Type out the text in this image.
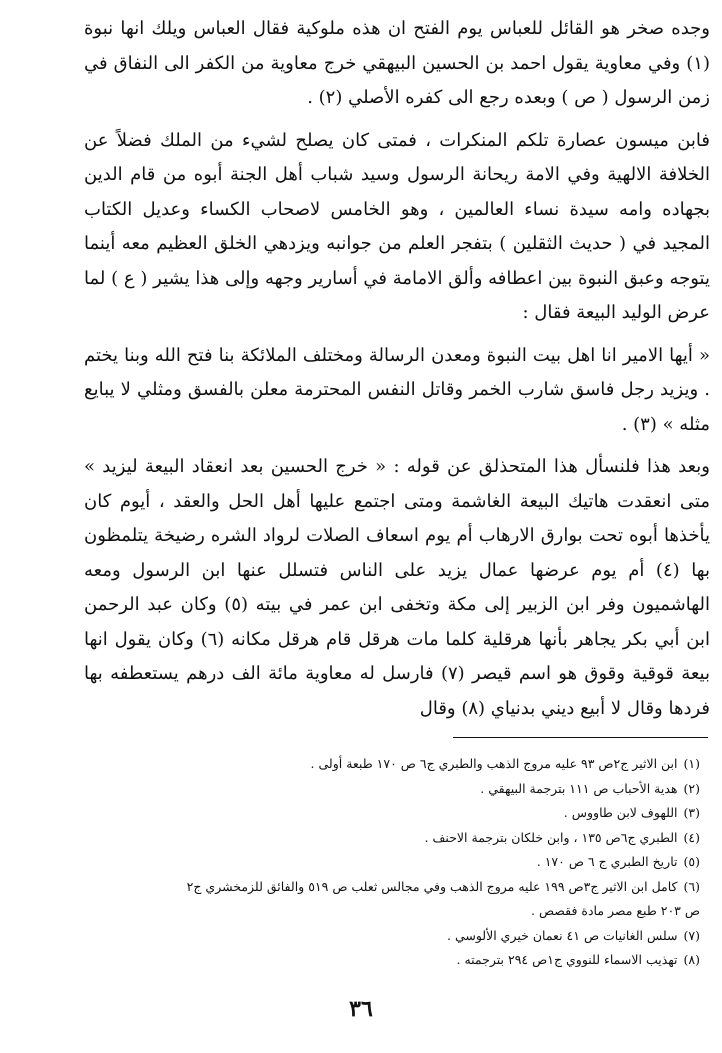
وجده صخر هو القائل للعباس يوم الفتح ان هذه ملوكية فقال العباس ويلك انها نبوة (١) وفي معاوية يقول احمد بن الحسين البيهقي خرج معاوية من الكفر الى النفاق في زمن الرسول ( ص ) وبعده رجع الى كفره الأصلي (٢) .

فابن ميسون عصارة تلكم المنكرات ، فمتى كان يصلح لشيء من الملك فضلاً عن الخلافة الالهية وفي الامة ريحانة الرسول وسيد شباب أهل الجنة أبوه من قام الدين بجهاده وامه سيدة نساء العالمين ، وهو الخامس لاصحاب الكساء وعديل الكتاب المجيد في ( حديث الثقلين ) بتفجر العلم من جوانبه ويزدهي الخلق العظيم معه أينما يتوجه وعبق النبوة بين اعطافه وألق الامامة في أسارير وجهه وإلى هذا يشير ( ع ) لما عرض الوليد البيعة فقال :

« أيها الامير انا اهل بيت النبوة ومعدن الرسالة ومختلف الملائكة بنا فتح الله وبنا يختم . ويزيد رجل فاسق شارب الخمر وقاتل النفس المحترمة معلن بالفسق ومثلي لا يبايع مثله » (٣) .

وبعد هذا فلنسأل هذا المتحذلق عن قوله : « خرج الحسين بعد انعقاد البيعة ليزيد » متى انعقدت هاتيك البيعة الغاشمة ومتى اجتمع عليها أهل الحل والعقد ، أيوم كان يأخذها أبوه تحت بوارق الارهاب أم يوم اسعاف الصلات لرواد الشره رضيخة يتلمظون بها (٤) أم يوم عرضها عمال يزيد على الناس فتسلل عنها ابن الرسول ومعه الهاشميون وفر ابن الزبير إلى مكة وتخفى ابن عمر في بيته (٥) وكان عبد الرحمن ابن أبي بكر يجاهر بأنها هرقلية كلما مات هرقل قام هرقل مكانه (٦) وكان يقول انها بيعة قوقية وقوق هو اسم قيصر (٧) فارسل له معاوية مائة الف درهم يستعطفه بها فردها وقال لا أبيع ديني بدنياي (٨) وقال

(١)ابن الاثير ج٢ص ٩٣ عليه مروج الذهب والطبري ج٦ ص ١٧٠ طبعة أولى .
(٢)هدية الأحباب ص ١١١ بترجمة البيهقي .
(٣)اللهوف لابن طاووس .
(٤)الطبري ج٦ص ١٣٥ ، وابن خلكان بترجمة الاحنف .
(٥)تاريخ الطبري ج ٦ ص ١٧٠ .
(٦)كامل ابن الاثير ج٣ص ١٩٩ عليه مروج الذهب وفي مجالس ثعلب ص ٥١٩ والفائق للزمخشري ج٢
ص ٢٠٣ طبع مصر مادة فقصص .
(٧)سلس الغانيات ص ٤١ نعمان خيري الألوسي .
(٨)تهذيب الاسماء للنووي ج١ص ٢٩٤ بترجمته .
٣٦
